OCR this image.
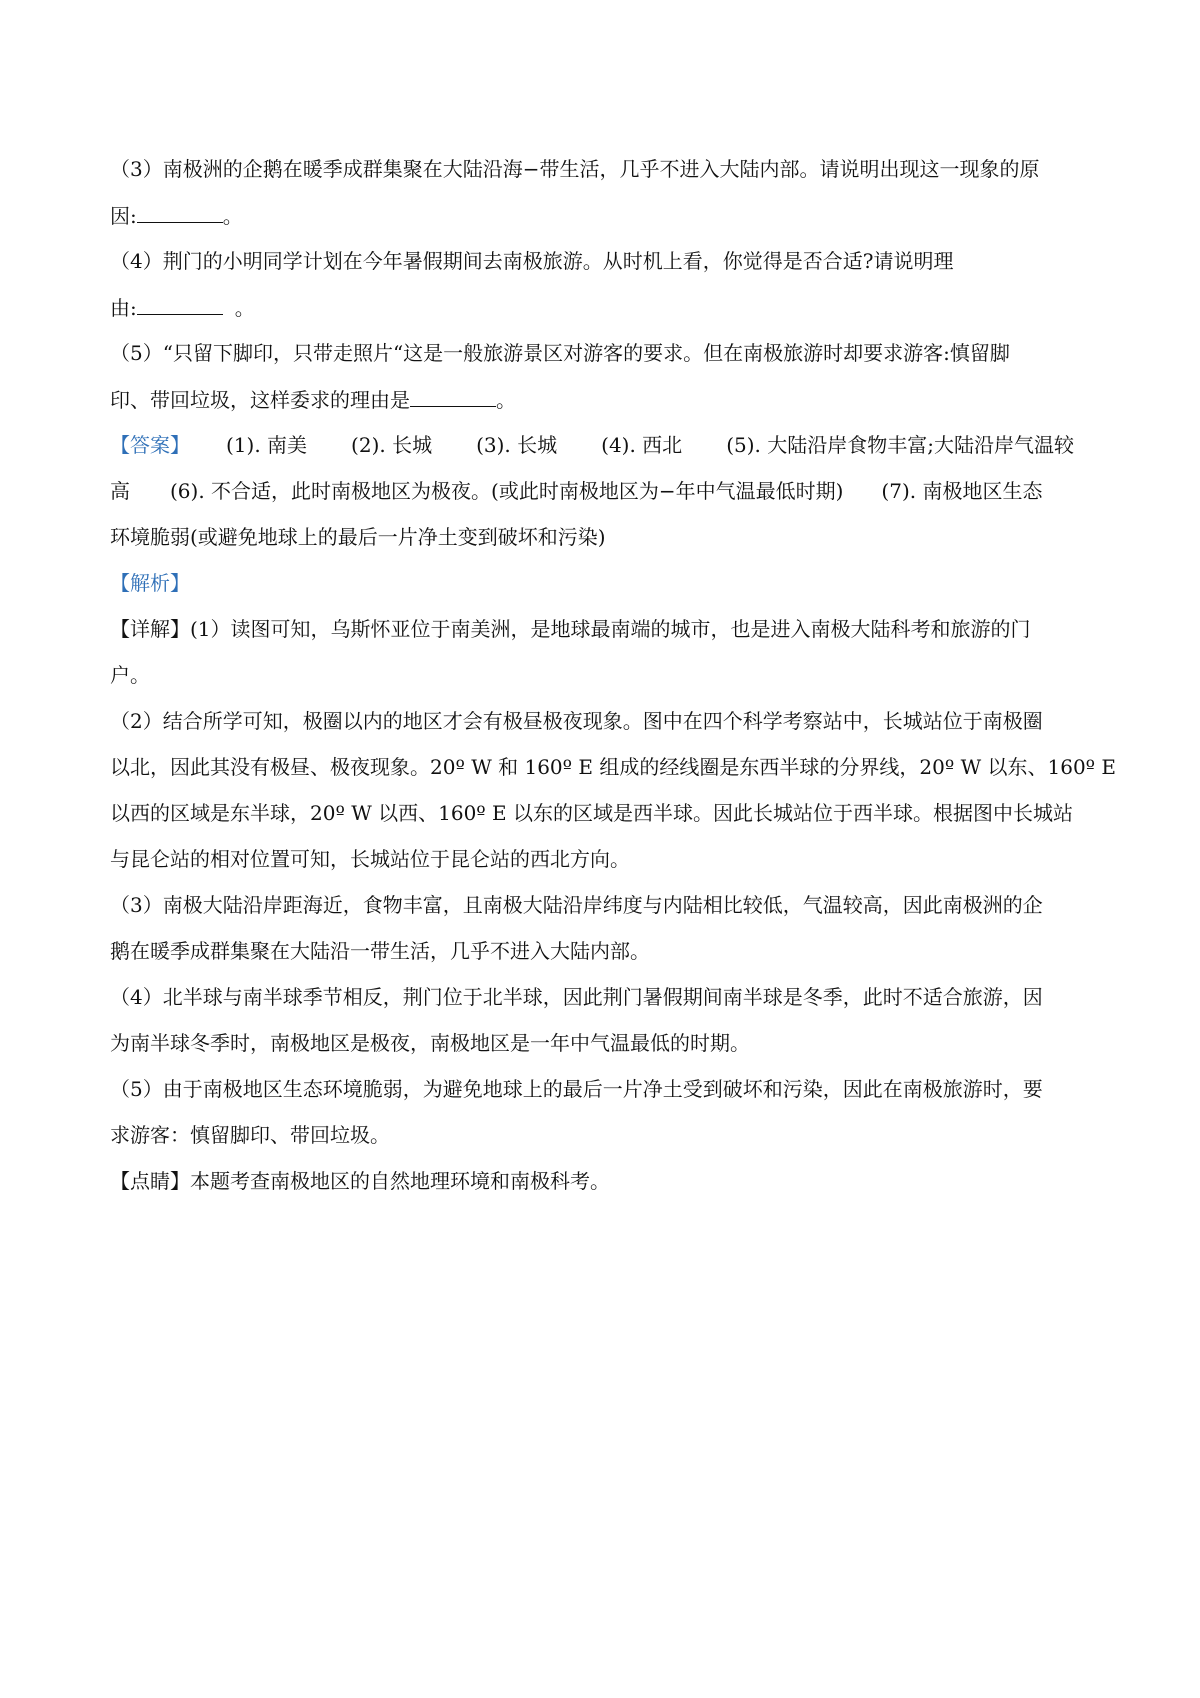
（3）南极洲的企鹅在暖季成群集聚在大陆沿海−带生活，几乎不进入大陆内部。请说明出现这一现象的原
因:	。
（4）荆门的小明同学计划在今年暑假期间去南极旅游。从时机上看，你觉得是否合适?请说明理
由:	。
（5）“只留下脚印，只带走照片“这是一般旅游景区对游客的要求。但在南极旅游时却要求游客:慎留脚
印、带回垃圾，这样委求的理由是	。
【答案】 (1). 南美 (2). 长城 (3). 长城 (4). 西北 (5). 大陆沿岸食物丰富;大陆沿岸气温较
高 (6). 不合适，此时南极地区为极夜。(或此时南极地区为−年中气温最低时期) (7). 南极地区生态
环境脆弱(或避免地球上的最后一片净土变到破坏和污染)
【解析】
【详解】(1）读图可知，乌斯怀亚位于南美洲，是地球最南端的城市，也是进入南极大陆科考和旅游的门
户。
（2）结合所学可知，极圈以内的地区才会有极昼极夜现象。图中在四个科学考察站中，长城站位于南极圈
以北，因此其没有极昼、极夜现象。20º W 和 160º E 组成的经线圈是东西半球的分界线，20º W 以东、160º E
以西的区域是东半球，20º W 以西、160º E 以东的区域是西半球。因此长城站位于西半球。根据图中长城站
与昆仑站的相对位置可知，长城站位于昆仑站的西北方向。
（3）南极大陆沿岸距海近，食物丰富，且南极大陆沿岸纬度与内陆相比较低，气温较高，因此南极洲的企
鹅在暖季成群集聚在大陆沿一带生活，几乎不进入大陆内部。
（4）北半球与南半球季节相反，荆门位于北半球，因此荆门暑假期间南半球是冬季，此时不适合旅游，因
为南半球冬季时，南极地区是极夜，南极地区是一年中气温最低的时期。
（5）由于南极地区生态环境脆弱，为避免地球上的最后一片净土受到破坏和污染，因此在南极旅游时，要
求游客：慎留脚印、带回垃圾。
【点睛】本题考查南极地区的自然地理环境和南极科考。
